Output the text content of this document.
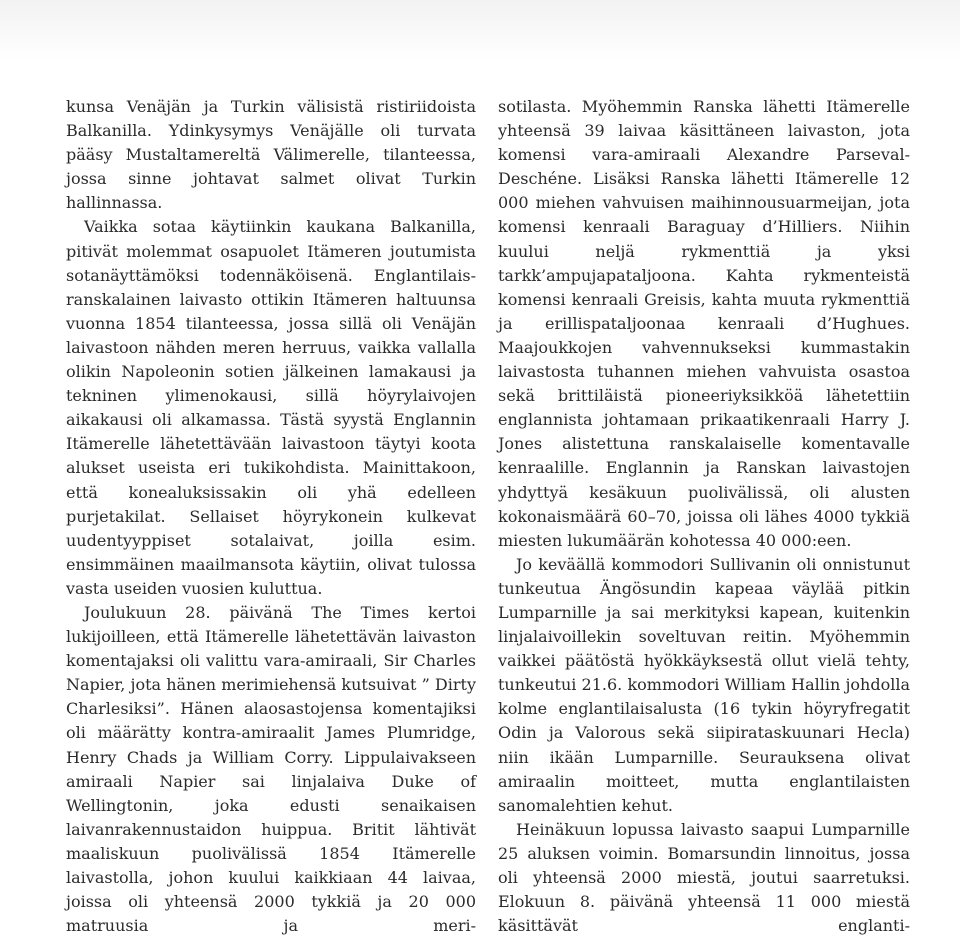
kunsa Venäjän ja Turkin välisistä ristiriidoista Balkanilla. Ydinkysymys Venäjälle oli turvata pääsy Mustaltamereltä Välimerelle, tilanteessa, jossa sinne johtavat salmet olivat Turkin hallinnassa.

Vaikka sotaa käytiinkin kaukana Balkanilla, pitivät molemmat osapuolet Itämeren joutumista sotanäyttämöksi todennäköisenä. Englantilais-ranskalainen laivasto ottikin Itämeren haltuunsa vuonna 1854 tilanteessa, jossa sillä oli Venäjän laivastoon nähden meren herruus, vaikka vallalla olikin Napoleonin sotien jälkeinen lamakausi ja tekninen ylimenokausi, sillä höyrylaivojen aikakausi oli alkamassa. Tästä syystä Englannin Itämerelle lähetettävään laivastoon täytyi koota alukset useista eri tukikohdista. Mainittakoon, että konealuksissakin oli yhä edelleen purjetakilat. Sellaiset höyrykonein kulkevat uudentyyppiset sotalaivat, joilla esim. ensimmäinen maailmansota käytiin, olivat tulossa vasta useiden vuosien kuluttua.

Joulukuun 28. päivänä The Times kertoi lukijoilleen, että Itämerelle lähetettävän laivaston komentajaksi oli valittu vara-amiraali, Sir Charles Napier, jota hänen merimiehensä kutsuivat ” Dirty Charlesiksi”. Hänen alaosastojensa komentajiksi oli määrätty kontra-amiraalit James Plumridge, Henry Chads ja William Corry. Lippulaivakseen amiraali Napier sai linjalaiva Duke of Wellingtonin, joka edusti senaikaisen laivanrakennustaidon huippua. Britit lähtivät maaliskuun puolivälissä 1854 Itämerelle laivastolla, johon kuului kaikkiaan 44 laivaa, joissa oli yhteensä 2000 tykkiä ja 20 000 matruusia ja meri-

sotilasta. Myöhemmin Ranska lähetti Itämerelle yhteensä 39 laivaa käsittäneen laivaston, jota komensi vara-amiraali Alexandre Parseval-Deschéne. Lisäksi Ranska lähetti Itämerelle 12 000 miehen vahvuisen maihinnousuarmeijan, jota komensi kenraali Baraguay d’Hilliers. Niihin kuului neljä rykmenttiä ja yksi tarkk’ampujapataljoona. Kahta rykmenteistä komensi kenraali Greisis, kahta muuta rykmenttiä ja erillispataljoonaa kenraali d’Hughues. Maajoukkojen vahvennukseksi kummastakin laivastosta tuhannen miehen vahvuista osastoa sekä brittiläistä pioneeriyksikköä lähetettiin englannista johtamaan prikaatikenraali Harry J. Jones alistettuna ranskalaiselle komentavalle kenraalille. Englannin ja Ranskan laivastojen yhdyttyä kesäkuun puolivälissä, oli alusten kokonaismäärä 60–70, joissa oli lähes 4000 tykkiä miesten lukumäärän kohotessa 40 000:een.

Jo keväällä kommodori Sullivanin oli onnistunut tunkeutua Ängösundin kapeaa väylää pitkin Lumparnille ja sai merkityksi kapean, kuitenkin linjalaivoillekin soveltuvan reitin. Myöhemmin vaikkei päätöstä hyökkäyksestä ollut vielä tehty, tunkeutui 21.6. kommodori William Hallin johdolla kolme englantilaisalusta (16 tykin höyryfregatit Odin ja Valorous sekä siipirataskuunari Hecla) niin ikään Lumparnille. Seurauksena olivat amiraalin moitteet, mutta englantilaisten sanomalehtien kehut.

Heinäkuun lopussa laivasto saapui Lumparnille 25 aluksen voimin. Bomarsundin linnoitus, jossa oli yhteensä 2000 miestä, joutui saarretuksi. Elokuun 8. päivänä yhteensä 11 000 miestä käsittävät englanti-
